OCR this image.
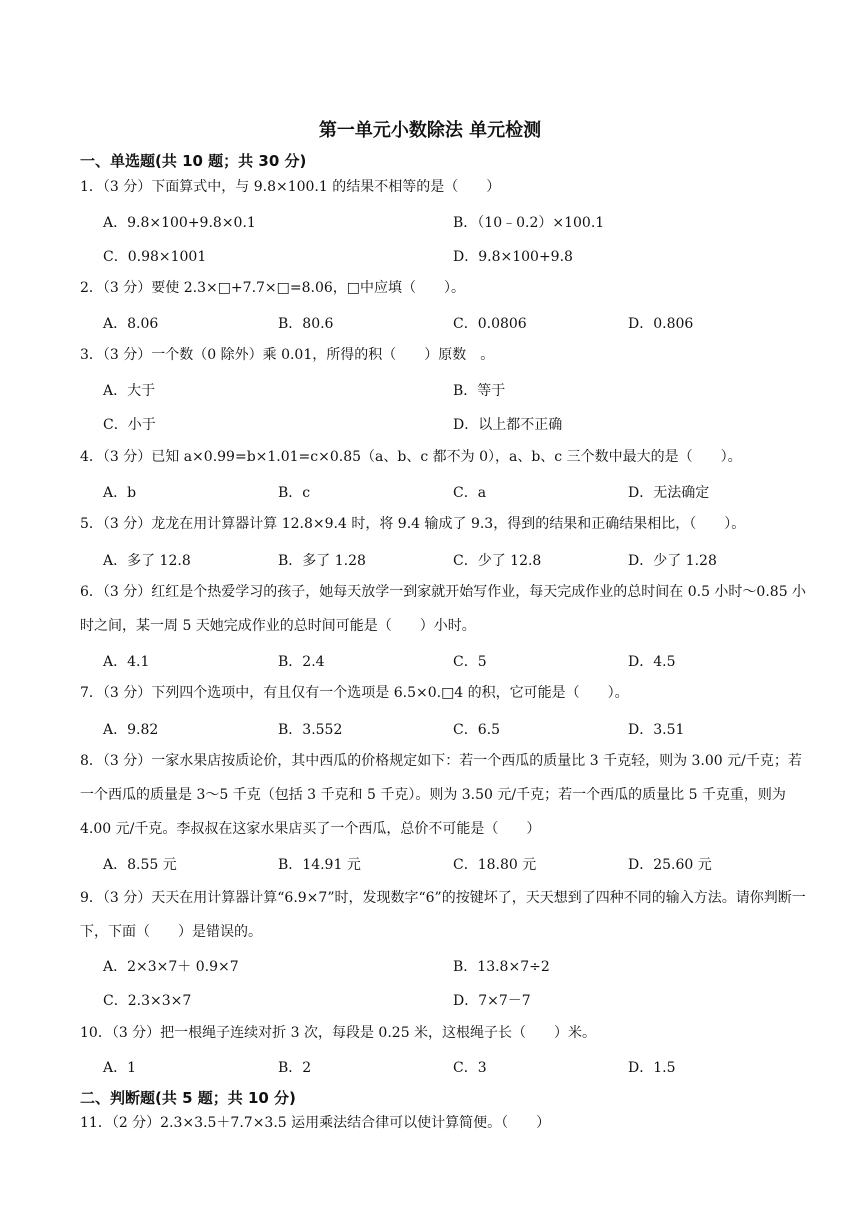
第一单元小数除法 单元检测
一、单选题(共 10 题；共 30 分)
1．（3 分）下面算式中，与 9.8×100.1 的结果不相等的是（　　）
A．9.8×100+9.8×0.1	B．（10﹣0.2）×100.1
C．0.98×1001	D．9.8×100+9.8
2．（3 分）要使 2.3×□+7.7×□=8.06，□中应填（　　）。
A．8.06	B．80.6	C．0.0806	D．0.806
3．（3 分）一个数（0 除外）乘 0.01，所得的积（　　）原数　。
A．大于	B．等于
C．小于	D．以上都不正确
4．（3 分）已知 a×0.99=b×1.01=c×0.85（a、b、c 都不为 0），a、b、c 三个数中最大的是（　　）。
A．b	B．c	C．a	D．无法确定
5．（3 分）龙龙在用计算器计算 12.8×9.4 时，将 9.4 输成了 9.3，得到的结果和正确结果相比，（　　）。
A．多了 12.8	B．多了 1.28	C．少了 12.8	D．少了 1.28
6．（3 分）红红是个热爱学习的孩子，她每天放学一到家就开始写作业，每天完成作业的总时间在 0.5 小时～0.85 小时之间，某一周 5 天她完成作业的总时间可能是（　　）小时。
A．4.1	B．2.4	C．5	D．4.5
7．（3 分）下列四个选项中，有且仅有一个选项是 6.5×0.□4 的积，它可能是（　　）。
A．9.82	B．3.552	C．6.5	D．3.51
8．（3 分）一家水果店按质论价，其中西瓜的价格规定如下：若一个西瓜的质量比 3 千克轻，则为 3.00 元/千克；若一个西瓜的质量是 3～5 千克（包括 3 千克和 5 千克）。则为 3.50 元/千克；若一个西瓜的质量比 5 千克重，则为 4.00 元/千克。李叔叔在这家水果店买了一个西瓜，总价不可能是（　　）
A．8.55 元	B．14.91 元	C．18.80 元	D．25.60 元
9．（3 分）天天在用计算器计算“6.9×7”时，发现数字“6”的按键坏了，天天想到了四种不同的输入方法。请你判断一下，下面（　　）是错误的。
A．2×3×7＋ 0.9×7	B．13.8×7÷2
C．2.3×3×7	D．7×7－7
10．（3 分）把一根绳子连续对折 3 次，每段是 0.25 米，这根绳子长（　　）米。
A．1	B．2	C．3	D．1.5
二、判断题(共 5 题；共 10 分)
11．（2 分）2.3×3.5＋7.7×3.5 运用乘法结合律可以使计算简便。（　　）
